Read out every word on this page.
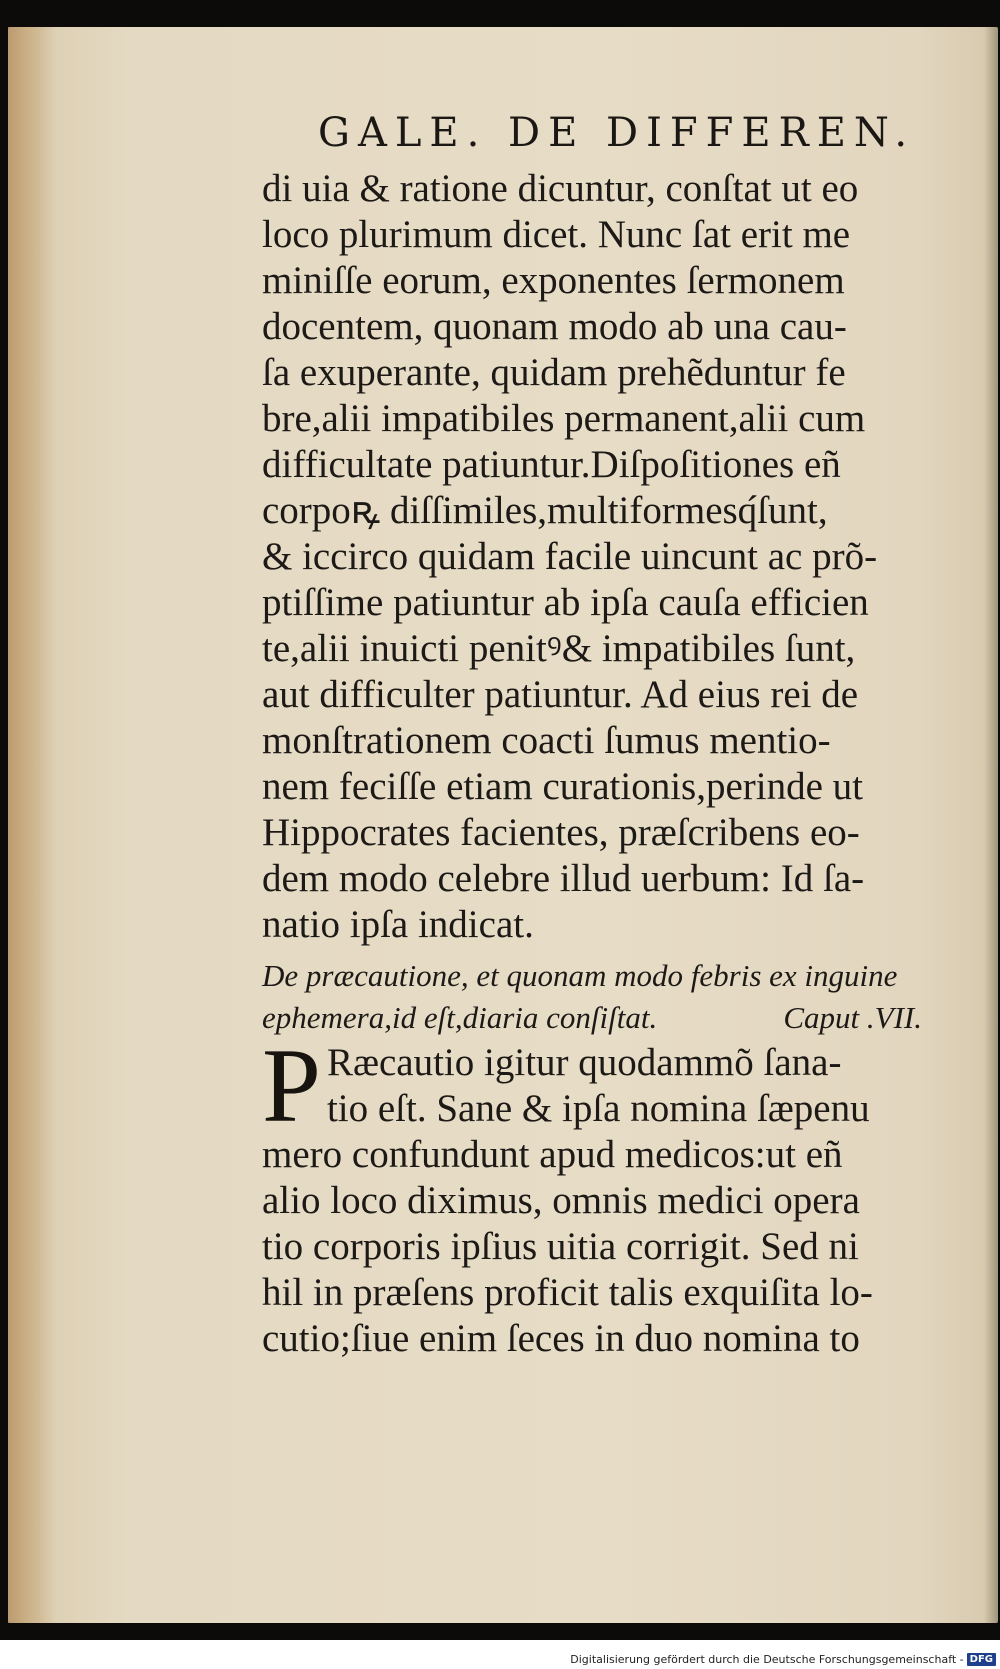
GALE. DE DIFFEREN.
di uia & ratione dicuntur, conſtat ut eo
loco plurimum dicet. Nunc ſat erit me
miniſſe eorum, exponentes ſermonem
docentem, quonam modo ab una cau-
ſa exuperante, quidam prehẽduntur fe
bre,alii impatibiles permanent,alii cum
difficultate patiuntur.Diſpoſitiones eñ
corpoꝶ diſſimiles,multiformesq́ſunt,
& iccirco quidam facile uincunt ac prõ-
ptiſſime patiuntur ab ipſa cauſa efficien
te,alii inuicti penitꝰ& impatibiles ſunt,
aut difficulter patiuntur. Ad eius rei de
monſtrationem coacti ſumus mentio-
nem feciſſe etiam curationis,perinde ut
Hippocrates facientes, præſcribens eo-
dem modo celebre illud uerbum: Id ſa-
natio ipſa indicat.
De præcautione, et quonam modo febris ex inguine
ephemera,id eſt,diaria conſiſtat.	Caput .VII.
P Ræcautio igitur quodammõ ſana-
tio eſt. Sane & ipſa nomina ſæpenu
mero confundunt apud medicos:ut eñ
alio loco diximus, omnis medici opera
tio corporis ipſius uitia corrigit. Sed ni
hil in præſens proficit talis exquiſita lo-
cutio;ſiue enim ſeces in duo nomina to
Digitalisierung gefördert durch die Deutsche Forschungsgemeinschaft - DFG
